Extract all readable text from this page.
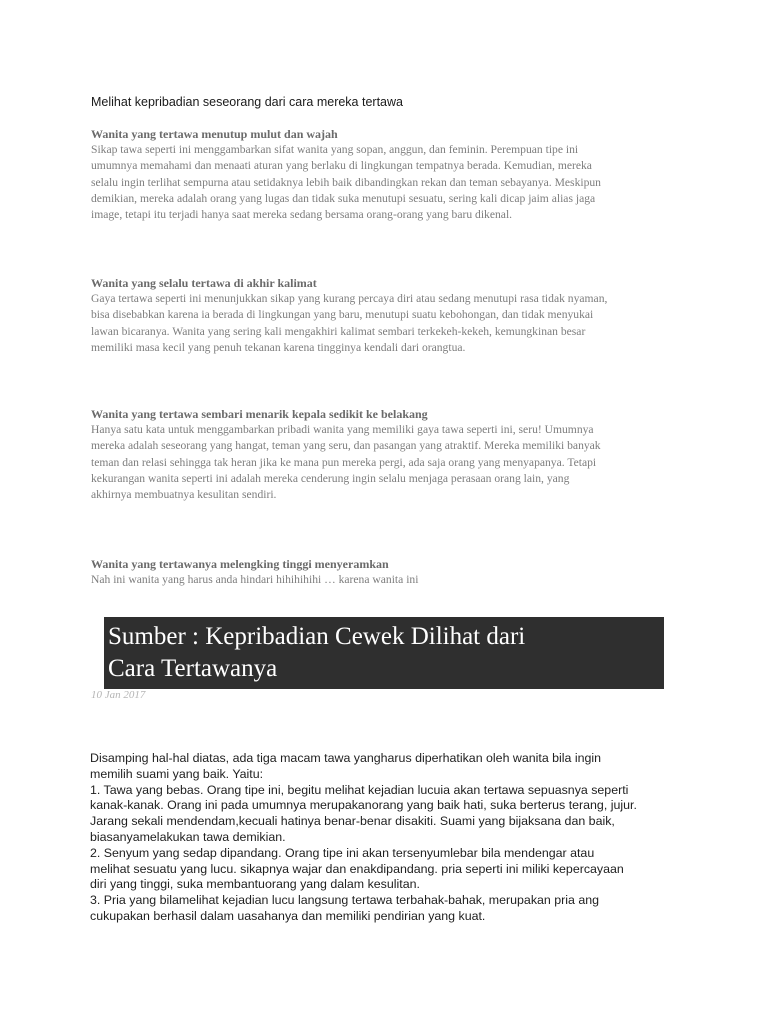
Melihat kepribadian seseorang dari cara mereka tertawa
Wanita yang tertawa menutup mulut dan wajah
Sikap tawa seperti ini menggambarkan sifat wanita yang sopan, anggun, dan feminin. Perempuan tipe ini
umumnya memahami dan menaati aturan yang berlaku di lingkungan tempatnya berada. Kemudian, mereka
selalu ingin terlihat sempurna atau setidaknya lebih baik dibandingkan rekan dan teman sebayanya. Meskipun
demikian, mereka adalah orang yang lugas dan tidak suka menutupi sesuatu, sering kali dicap jaim alias jaga
image, tetapi itu terjadi hanya saat mereka sedang bersama orang-orang yang baru dikenal.
Wanita yang selalu tertawa di akhir kalimat
Gaya tertawa seperti ini menunjukkan sikap yang kurang percaya diri atau sedang menutupi rasa tidak nyaman,
bisa disebabkan karena ia berada di lingkungan yang baru, menutupi suatu kebohongan, dan tidak menyukai
lawan bicaranya. Wanita yang sering kali mengakhiri kalimat sembari terkekeh-kekeh, kemungkinan besar
memiliki masa kecil yang penuh tekanan karena tingginya kendali dari orangtua.
Wanita yang tertawa sembari menarik kepala sedikit ke belakang
Hanya satu kata untuk menggambarkan pribadi wanita yang memiliki gaya tawa seperti ini, seru! Umumnya
mereka adalah seseorang yang hangat, teman yang seru, dan pasangan yang atraktif. Mereka memiliki banyak
teman dan relasi sehingga tak heran jika ke mana pun mereka pergi, ada saja orang yang menyapanya. Tetapi
kekurangan wanita seperti ini adalah mereka cenderung ingin selalu menjaga perasaan orang lain, yang
akhirnya membuatnya kesulitan sendiri.
Wanita yang tertawanya melengking tinggi menyeramkan
Nah ini wanita yang harus anda hindari hihihihihi … karena wanita ini
Sumber : Kepribadian Cewek Dilihat dari
Cara Tertawanya
10 Jan 2017
Disamping hal-hal diatas, ada tiga macam tawa yangharus diperhatikan oleh wanita bila ingin
memilih suami yang baik. Yaitu:
1. Tawa yang bebas. Orang tipe ini, begitu melihat kejadian lucuia akan tertawa sepuasnya seperti
kanak-kanak. Orang ini pada umumnya merupakanorang yang baik hati, suka berterus terang, jujur.
Jarang sekali mendendam,kecuali hatinya benar-benar disakiti. Suami yang bijaksana dan baik,
biasanyamelakukan tawa demikian.
2. Senyum yang sedap dipandang. Orang tipe ini akan tersenyumlebar bila mendengar atau
melihat sesuatu yang lucu. sikapnya wajar dan enakdipandang. pria seperti ini miliki kepercayaan
diri yang tinggi, suka membantuorang yang dalam kesulitan.
3. Pria yang bilamelihat kejadian lucu langsung tertawa terbahak-bahak, merupakan pria ang
cukupakan berhasil dalam uasahanya dan memiliki pendirian yang kuat.
